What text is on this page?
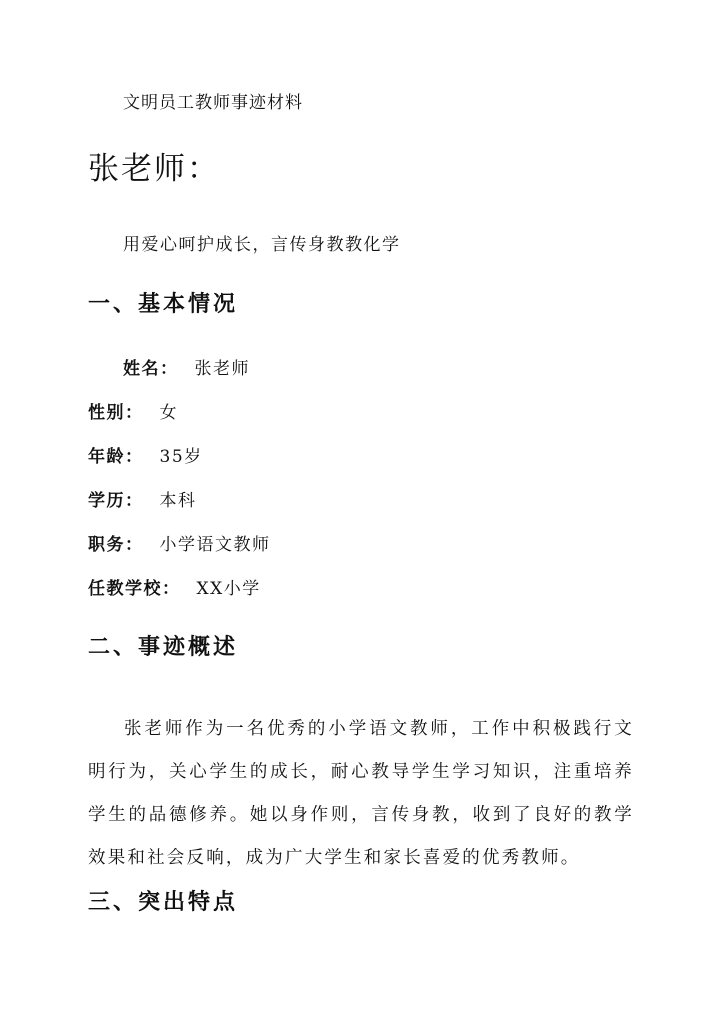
文明员工教师事迹材料
张老师：
用爱心呵护成长，言传身教教化学
一、基本情况
姓名： 张老师
性别： 女
年龄： 35岁
学历： 本科
职务： 小学语文教师
任教学校： XX小学
二、事迹概述

张老师作为一名优秀的小学语文教师，工作中积极践行文明行为，关心学生的成长，耐心教导学生学习知识，注重培养学生的品德修养。她以身作则，言传身教，收到了良好的教学效果和社会反响，成为广大学生和家长喜爱的优秀教师。

三、突出特点
